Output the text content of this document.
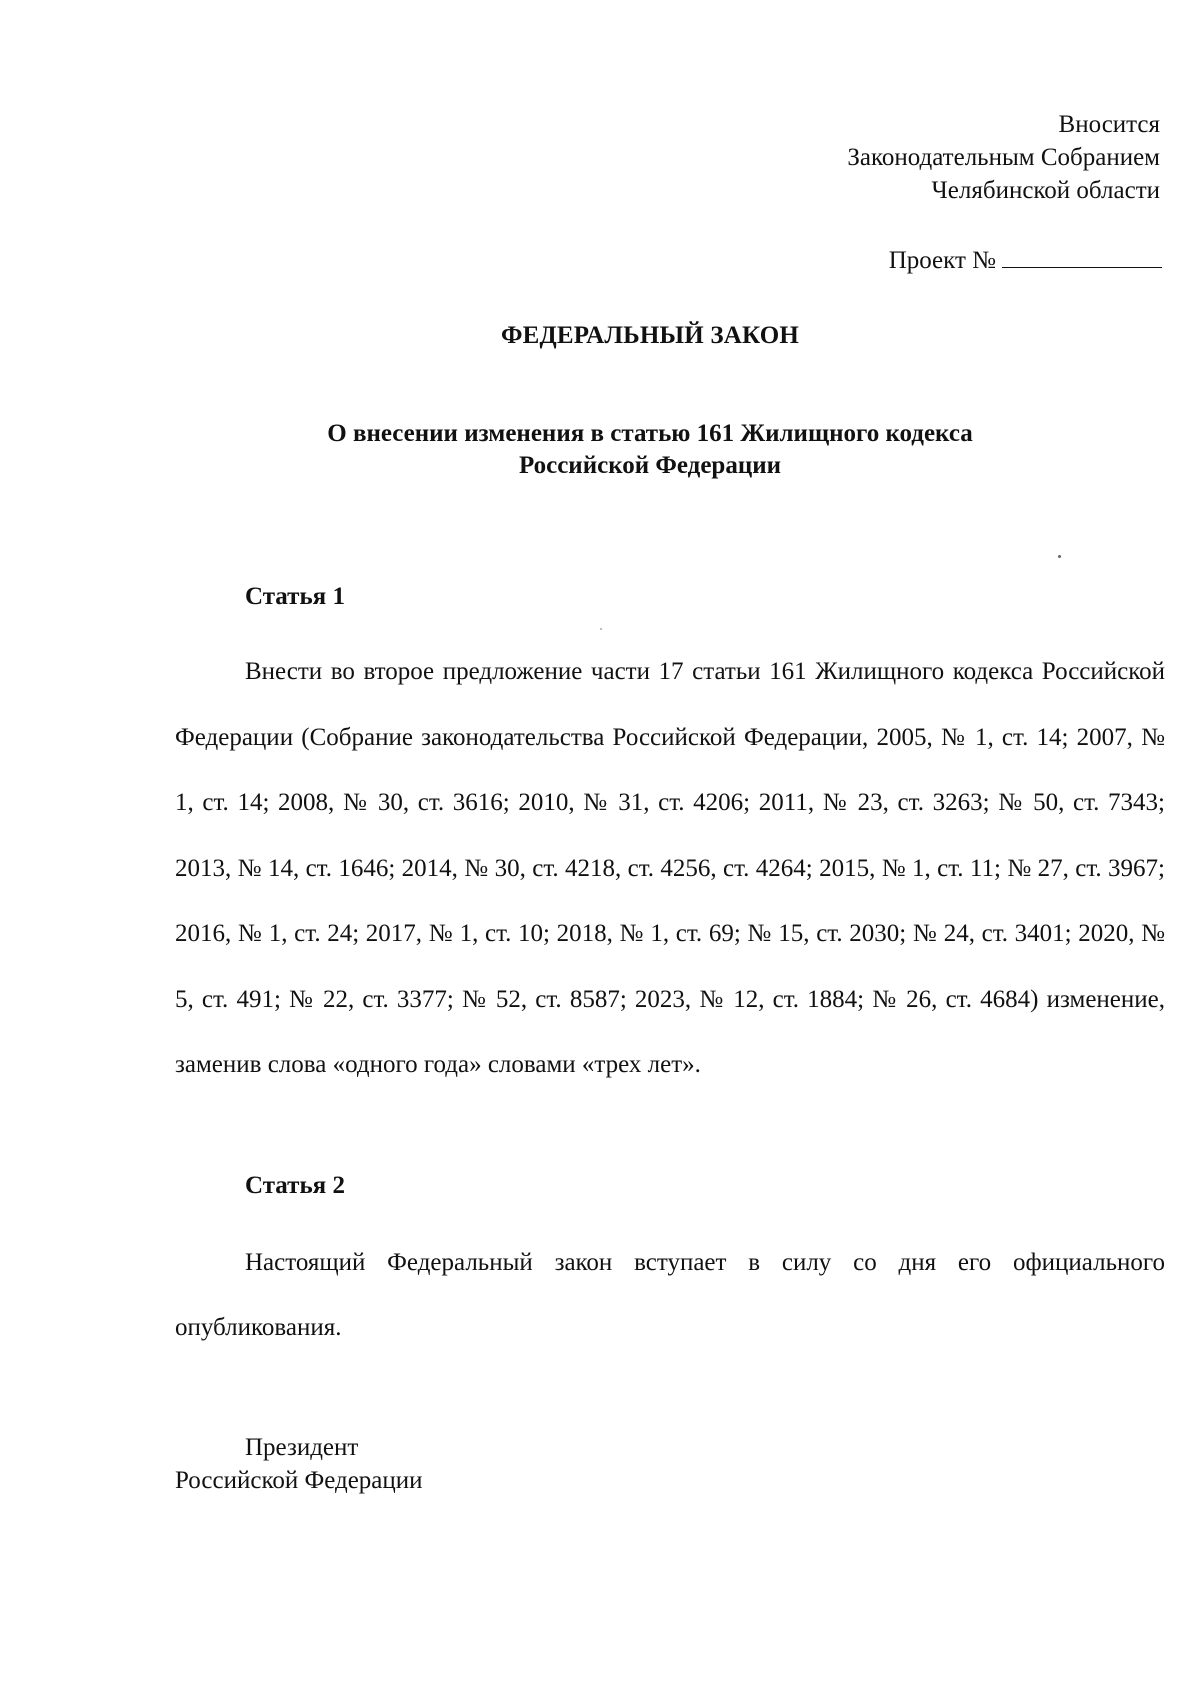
Вносится
Законодательным Собранием
Челябинской области
Проект №
ФЕДЕРАЛЬНЫЙ ЗАКОН
О внесении изменения в статью 161 Жилищного кодекса
Российской Федерации
Статья 1
Внести во второе предложение части 17 статьи 161 Жилищного кодекса Российской Федерации (Собрание законодательства Российской Федерации, 2005, № 1, ст. 14; 2007, № 1, ст. 14; 2008, № 30, ст. 3616; 2010, № 31, ст. 4206; 2011, № 23, ст. 3263; № 50, ст. 7343; 2013, № 14, ст. 1646; 2014, № 30, ст. 4218, ст. 4256, ст. 4264; 2015, № 1, ст. 11; № 27, ст. 3967; 2016, № 1, ст. 24; 2017, № 1, ст. 10; 2018, № 1, ст. 69; № 15, ст. 2030; № 24, ст. 3401; 2020, № 5, ст. 491; № 22, ст. 3377; № 52, ст. 8587; 2023, № 12, ст. 1884; № 26, ст. 4684) изменение, заменив слова «одного года» словами «трех лет».
Статья 2
Настоящий Федеральный закон вступает в силу со дня его официального опубликования.
Президент
Российской Федерации
